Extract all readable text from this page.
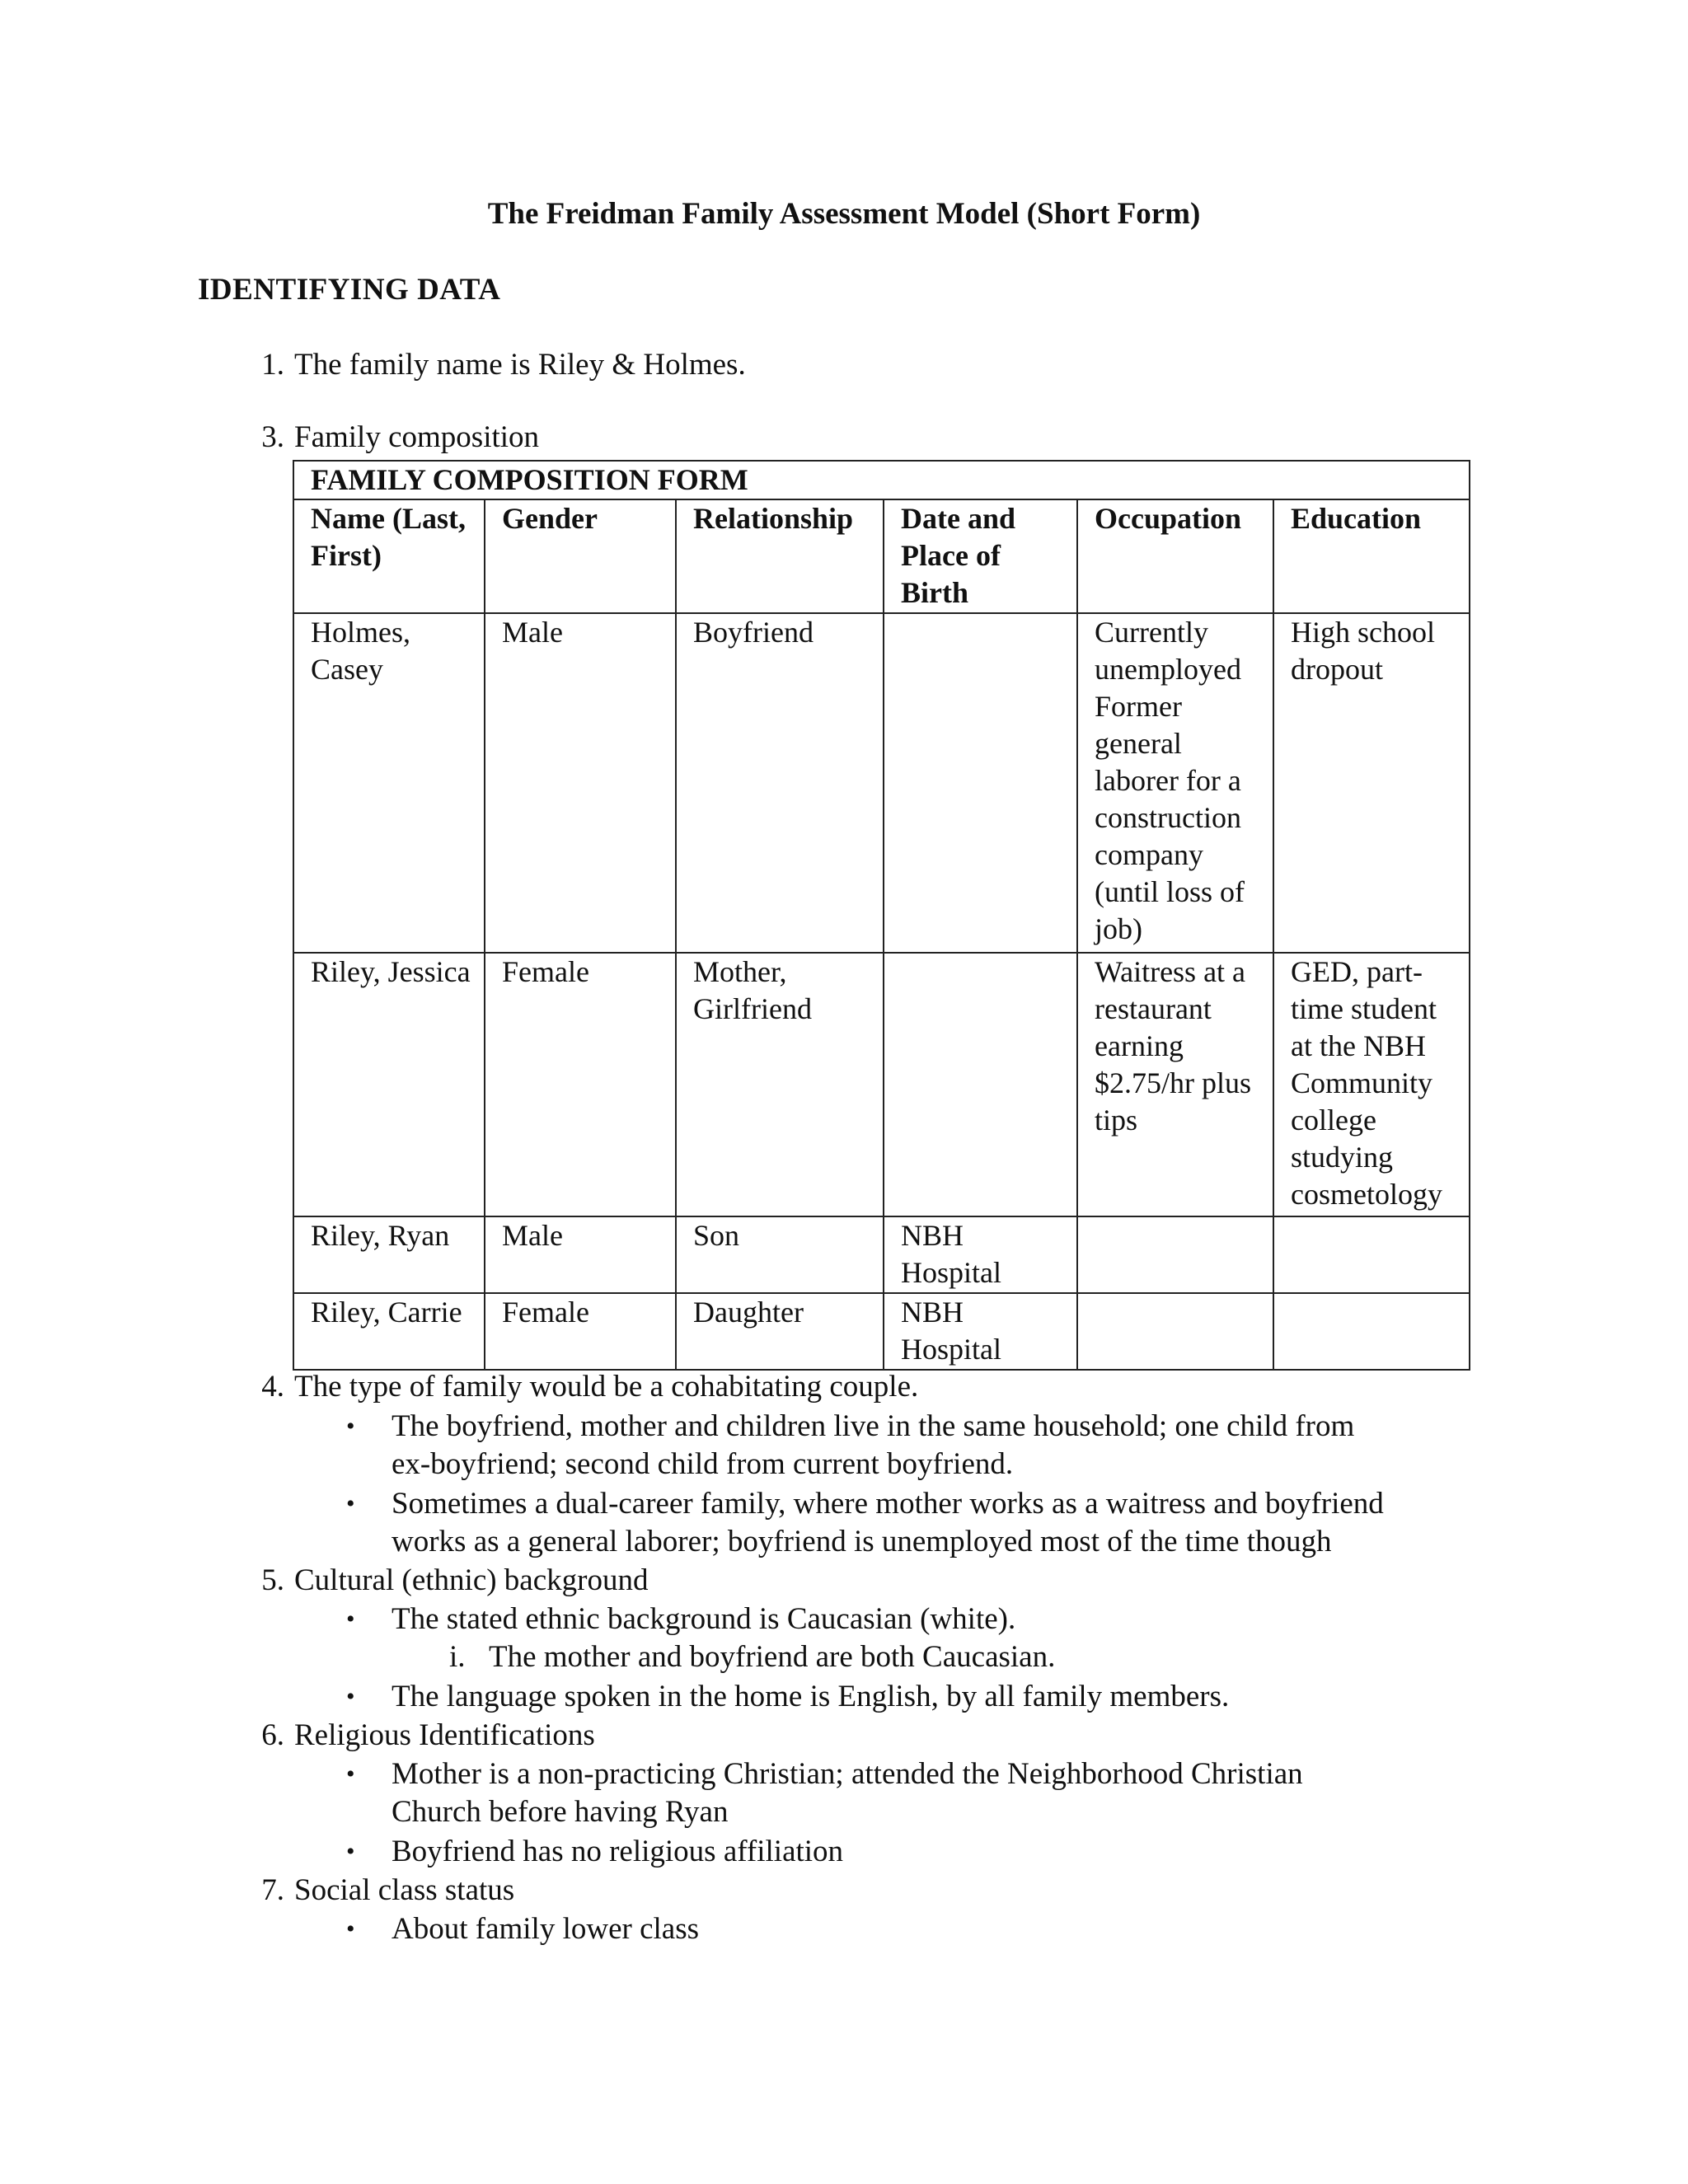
The Freidman Family Assessment Model (Short Form)
IDENTIFYING DATA
1. The family name is Riley & Holmes.
3. Family composition
FAMILY COMPOSITION FORM					
Name (Last, First)	Gender	Relationship	Date and Place of Birth	Occupation	Education
Holmes, Casey	Male	Boyfriend		Currently unemployed Former general laborer for a construction company (until loss of job)	High school dropout
Riley, Jessica	Female	Mother, Girlfriend		Waitress at a restaurant earning $2.75/hr plus tips	GED, part-time student at the NBH Community college studying cosmetology
Riley, Ryan	Male	Son	NBH Hospital		
Riley, Carrie	Female	Daughter	NBH Hospital		
4. The type of family would be a cohabitating couple.
• The boyfriend, mother and children live in the same household; one child from
ex-boyfriend; second child from current boyfriend.
• Sometimes a dual-career family, where mother works as a waitress and boyfriend
works as a general laborer; boyfriend is unemployed most of the time though
5. Cultural (ethnic) background
• The stated ethnic background is Caucasian (white).
i. The mother and boyfriend are both Caucasian.
• The language spoken in the home is English, by all family members.
6. Religious Identifications
• Mother is a non-practicing Christian; attended the Neighborhood Christian
Church before having Ryan
• Boyfriend has no religious affiliation
7. Social class status
• About family lower class
